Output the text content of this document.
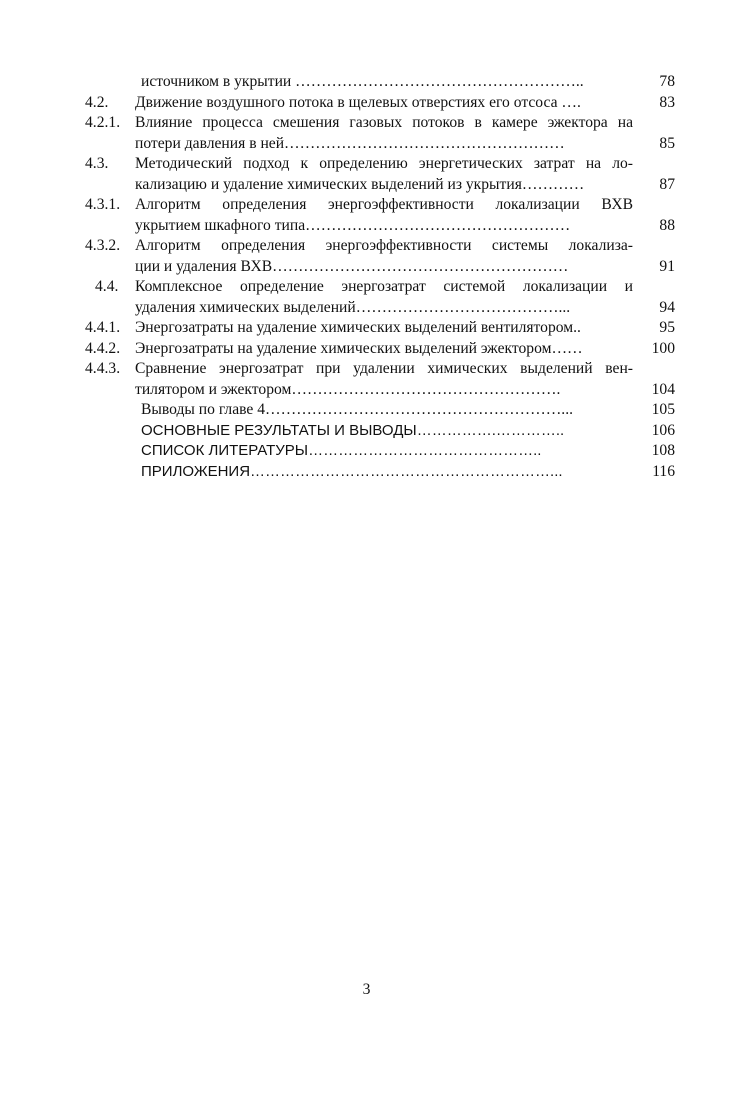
источником в укрытии ………………………………………………..	78
4.2.	Движение воздушного потока в щелевых отверстиях его отсоса ….	83
4.2.1. Влияние процесса смешения газовых потоков в камере эжектора на
потери давления в ней………………………………………………	85
4.3.	Методический подход к определению энергетических затрат на ло-
кализацию и удаление химических выделений из укрытия…………	87
4.3.1. Алгоритм определения энергоэффективности локализации ВХВ
укрытием шкафного типа……………………………………………	88
4.3.2. Алгоритм определения энергоэффективности системы локализа-
ции и удаления ВХВ…………………………………………………	91
4.4.	Комплексное определение энергозатрат системой локализации и
удаления химических выделений…………………………………...	94
4.4.1. Энергозатраты на удаление химических выделений вентилятором..	95
4.4.2. Энергозатраты на удаление химических выделений эжектором……	100
4.4.3. Сравнение энергозатрат при удалении химических выделений вен-
тилятором и эжектором…………………………………………….	104
Выводы по главе 4…………………………………………………...	105
ОСНОВНЫЕ РЕЗУЛЬТАТЫ И ВЫВОДЫ…………….…………..	106
СПИСОК ЛИТЕРАТУРЫ………………………………………..	108
ПРИЛОЖЕНИЯ……………………………………………………...	116
3
